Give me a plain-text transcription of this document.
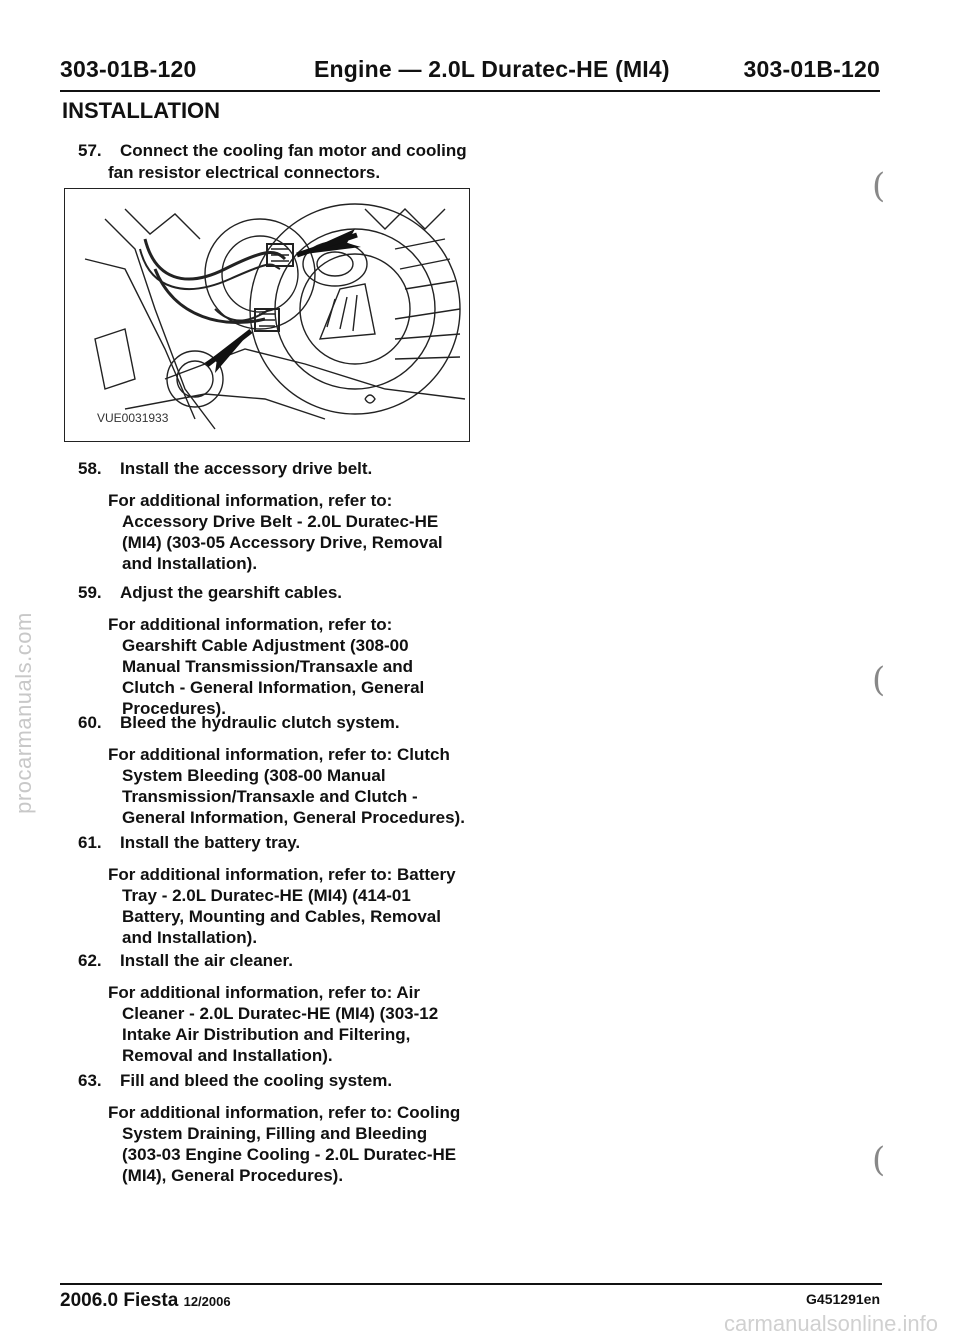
303-01B-120	Engine — 2.0L Duratec-HE (MI4)	303-01B-120
INSTALLATION
57. Connect the cooling fan motor and cooling
fan resistor electrical connectors.
VUE0031933
58. Install the accessory drive belt.
For additional information, refer to:
Accessory Drive Belt - 2.0L Duratec-HE
(MI4) (303-05 Accessory Drive, Removal
and Installation).
59. Adjust the gearshift cables.
For additional information, refer to:
Gearshift Cable Adjustment (308-00
Manual Transmission/Transaxle and
Clutch - General Information, General
Procedures).
60. Bleed the hydraulic clutch system.
For additional information, refer to: Clutch
System Bleeding (308-00 Manual
Transmission/Transaxle and Clutch -
General Information, General Procedures).
61. Install the battery tray.
For additional information, refer to: Battery
Tray - 2.0L Duratec-HE (MI4) (414-01
Battery, Mounting and Cables, Removal
and Installation).
62. Install the air cleaner.
For additional information, refer to: Air
Cleaner - 2.0L Duratec-HE (MI4) (303-12
Intake Air Distribution and Filtering,
Removal and Installation).
63. Fill and bleed the cooling system.
For additional information, refer to: Cooling
System Draining, Filling and Bleeding
(303-03 Engine Cooling - 2.0L Duratec-HE
(MI4), General Procedures).
(
(
(
procarmanuals.com
2006.0 Fiesta 12/2006	G451291en
carmanualsonline.info
